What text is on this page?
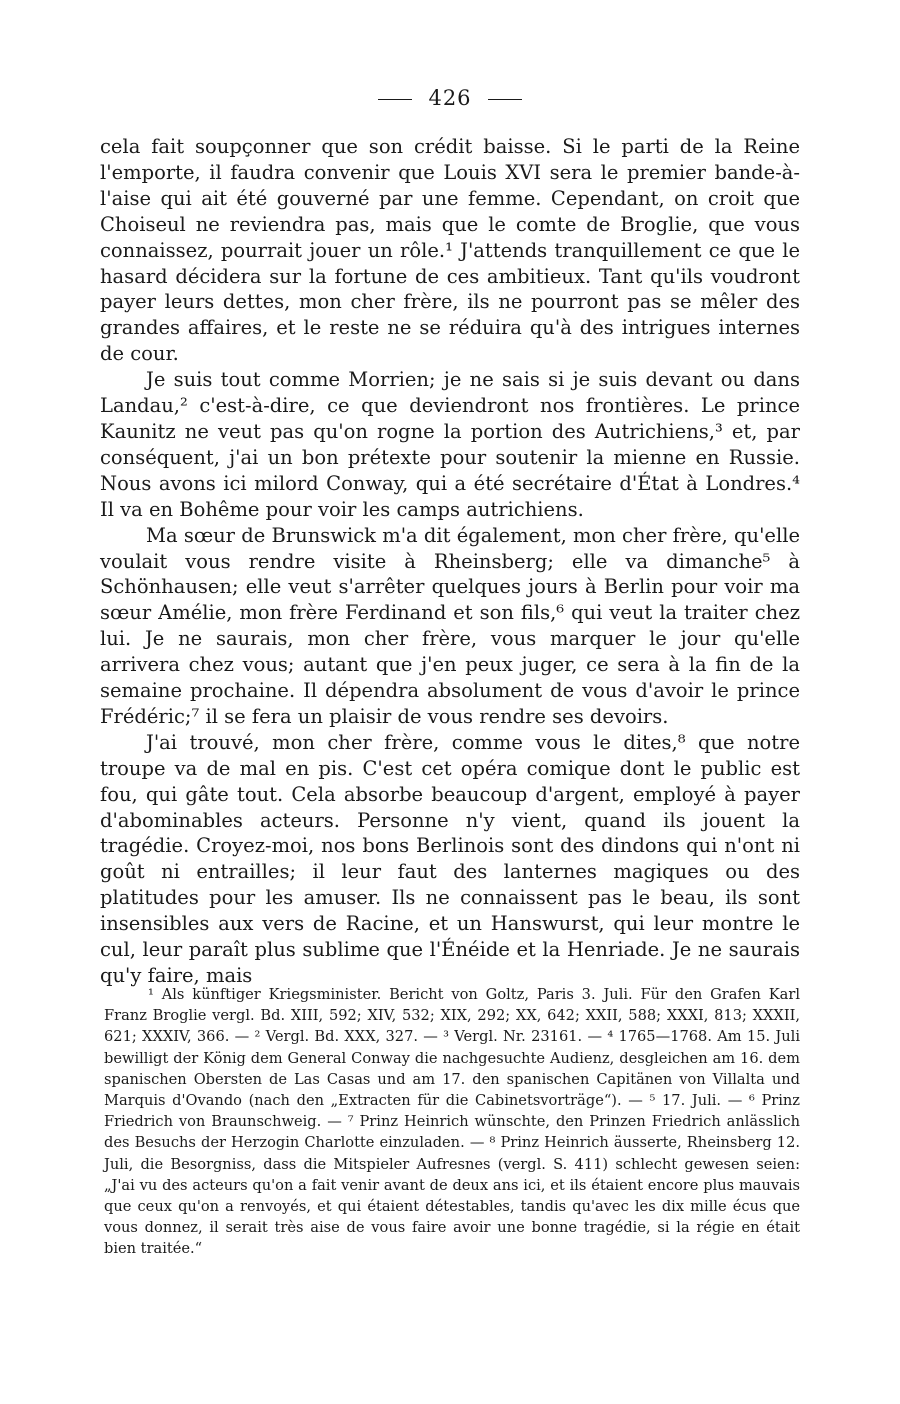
426

cela fait soupçonner que son crédit baisse. Si le parti de la Reine l'emporte, il faudra convenir que Louis XVI sera le premier bande-à-l'aise qui ait été gouverné par une femme. Cependant, on croit que Choiseul ne reviendra pas, mais que le comte de Broglie, que vous connaissez, pourrait jouer un rôle.¹ J'attends tranquillement ce que le hasard décidera sur la fortune de ces ambitieux. Tant qu'ils voudront payer leurs dettes, mon cher frère, ils ne pourront pas se mêler des grandes affaires, et le reste ne se réduira qu'à des intrigues internes de cour.

Je suis tout comme Morrien; je ne sais si je suis devant ou dans Landau,² c'est-à-dire, ce que deviendront nos frontières. Le prince Kaunitz ne veut pas qu'on rogne la portion des Autrichiens,³ et, par conséquent, j'ai un bon prétexte pour soutenir la mienne en Russie. Nous avons ici milord Conway, qui a été secrétaire d'État à Londres.⁴ Il va en Bohême pour voir les camps autrichiens.

Ma sœur de Brunswick m'a dit également, mon cher frère, qu'elle voulait vous rendre visite à Rheinsberg; elle va dimanche⁵ à Schönhausen; elle veut s'arrêter quelques jours à Berlin pour voir ma sœur Amélie, mon frère Ferdinand et son fils,⁶ qui veut la traiter chez lui. Je ne saurais, mon cher frère, vous marquer le jour qu'elle arrivera chez vous; autant que j'en peux juger, ce sera à la fin de la semaine prochaine. Il dépendra absolument de vous d'avoir le prince Frédéric;⁷ il se fera un plaisir de vous rendre ses devoirs.

J'ai trouvé, mon cher frère, comme vous le dites,⁸ que notre troupe va de mal en pis. C'est cet opéra comique dont le public est fou, qui gâte tout. Cela absorbe beaucoup d'argent, employé à payer d'abominables acteurs. Personne n'y vient, quand ils jouent la tragédie. Croyez-moi, nos bons Berlinois sont des dindons qui n'ont ni goût ni entrailles; il leur faut des lanternes magiques ou des platitudes pour les amuser. Ils ne connaissent pas le beau, ils sont insensibles aux vers de Racine, et un Hanswurst, qui leur montre le cul, leur paraît plus sublime que l'Énéide et la Henriade. Je ne saurais qu'y faire, mais

¹ Als künftiger Kriegsminister. Bericht von Goltz, Paris 3. Juli. Für den Grafen Karl Franz Broglie vergl. Bd. XIII, 592; XIV, 532; XIX, 292; XX, 642; XXII, 588; XXXI, 813; XXXII, 621; XXXIV, 366. — ² Vergl. Bd. XXX, 327. — ³ Vergl. Nr. 23161. — ⁴ 1765—1768. Am 15. Juli bewilligt der König dem General Conway die nachgesuchte Audienz, desgleichen am 16. dem spanischen Obersten de Las Casas und am 17. den spanischen Capitänen von Villalta und Marquis d'Ovando (nach den „Extracten für die Cabinetsvorträge“). — ⁵ 17. Juli. — ⁶ Prinz Friedrich von Braunschweig. — ⁷ Prinz Heinrich wünschte, den Prinzen Friedrich anlässlich des Besuchs der Herzogin Charlotte einzuladen. — ⁸ Prinz Heinrich äusserte, Rheinsberg 12. Juli, die Besorgniss, dass die Mitspieler Aufresnes (vergl. S. 411) schlecht gewesen seien: „J'ai vu des acteurs qu'on a fait venir avant de deux ans ici, et ils étaient encore plus mauvais que ceux qu'on a renvoyés, et qui étaient détestables, tandis qu'avec les dix mille écus que vous donnez, il serait très aise de vous faire avoir une bonne tragédie, si la régie en était bien traitée.“
